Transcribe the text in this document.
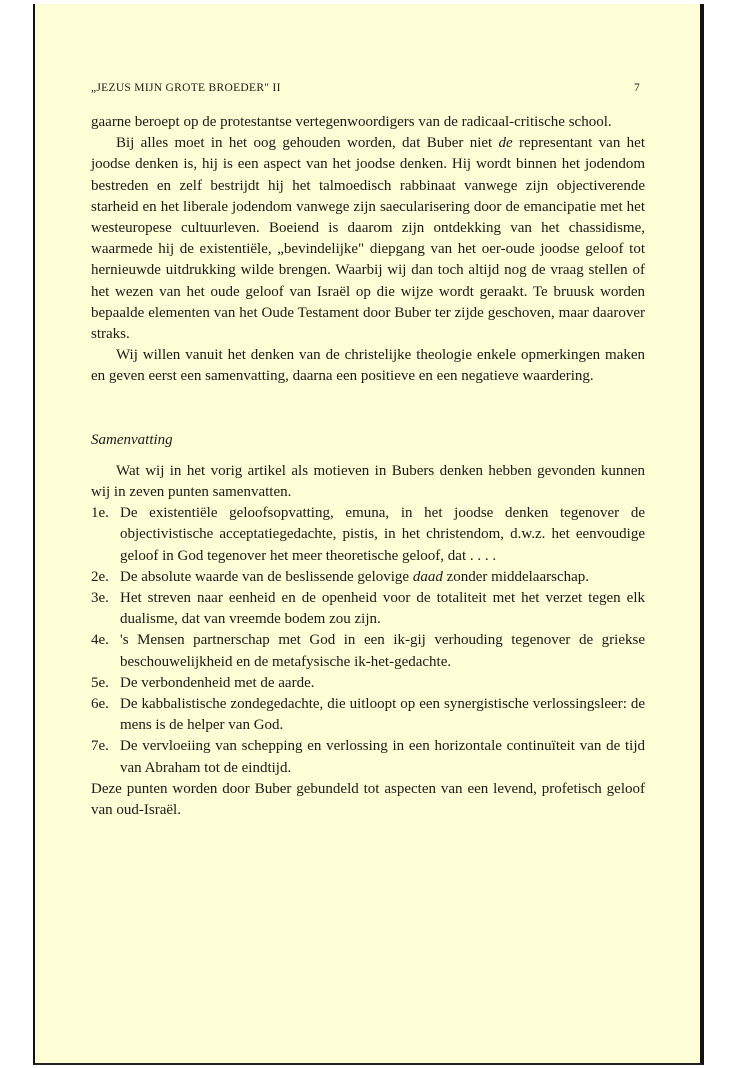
„JEZUS MIJN GROTE BROEDER" II	7

gaarne beroept op de protestantse vertegenwoordigers van de radicaal-critische school.

Bij alles moet in het oog gehouden worden, dat Buber niet de representant van het joodse denken is, hij is een aspect van het joodse denken. Hij wordt binnen het jodendom bestreden en zelf bestrijdt hij het talmoedisch rabbinaat vanwege zijn objectiverende starheid en het liberale jodendom vanwege zijn saecularisering door de emancipatie met het westeuropese cultuurleven. Boeiend is daarom zijn ontdekking van het chassidisme, waarmede hij de existentiële, „bevindelijke" diepgang van het oer-oude joodse geloof tot hernieuwde uitdrukking wilde brengen. Waarbij wij dan toch altijd nog de vraag stellen of het wezen van het oude geloof van Israël op die wijze wordt geraakt. Te bruusk worden bepaalde elementen van het Oude Testament door Buber ter zijde geschoven, maar daarover straks.

Wij willen vanuit het denken van de christelijke theologie enkele opmerkingen maken en geven eerst een samenvatting, daarna een positieve en een negatieve waardering.

Samenvatting

Wat wij in het vorig artikel als motieven in Bubers denken hebben gevonden kunnen wij in zeven punten samenvatten.

1e. De existentiële geloofsopvatting, emuna, in het joodse denken tegenover de objectivistische acceptatiegedachte, pistis, in het christendom, d.w.z. het eenvoudige geloof in God tegenover het meer theoretische geloof, dat . . . .
2e. De absolute waarde van de beslissende gelovige daad zonder middelaarschap.
3e. Het streven naar eenheid en de openheid voor de totaliteit met het verzet tegen elk dualisme, dat van vreemde bodem zou zijn.
4e. 's Mensen partnerschap met God in een ik-gij verhouding tegenover de griekse beschouwelijkheid en de metafysische ik-het-gedachte.
5e. De verbondenheid met de aarde.
6e. De kabbalistische zondegedachte, die uitloopt op een synergistische verlossingsleer: de mens is de helper van God.
7e. De vervloeiing van schepping en verlossing in een horizontale continuïteit van de tijd van Abraham tot de eindtijd.

Deze punten worden door Buber gebundeld tot aspecten van een levend, profetisch geloof van oud-Israël.
